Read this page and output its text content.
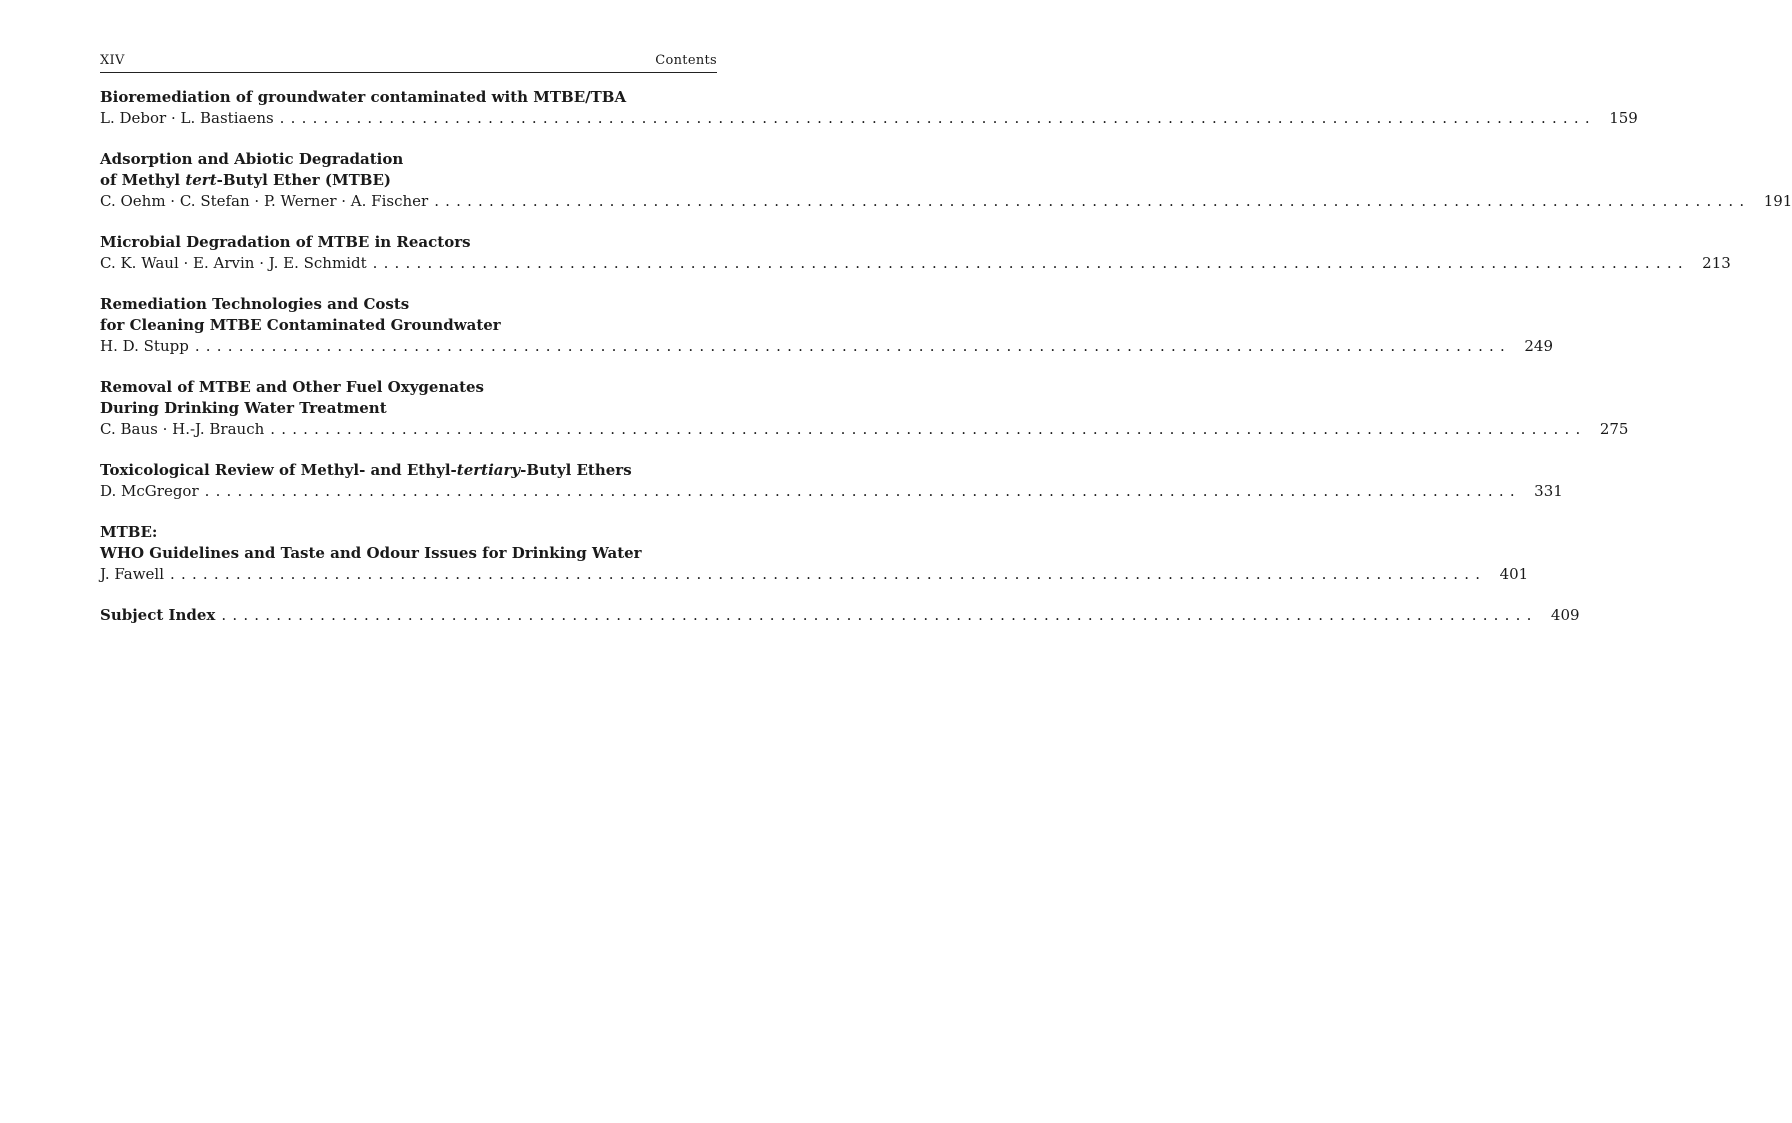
XIV	Contents
Bioremediation of groundwater contaminated with MTBE/TBA
L. Debor · L. Bastiaens ........................................................................................................................ 159
Adsorption and Abiotic Degradation
of Methyl tert-Butyl Ether (MTBE)
C. Oehm · C. Stefan · P. Werner · A. Fischer ........................................................................................................................ 191
Microbial Degradation of MTBE in Reactors
C. K. Waul · E. Arvin · J. E. Schmidt ........................................................................................................................ 213
Remediation Technologies and Costs
for Cleaning MTBE Contaminated Groundwater
H. D. Stupp ........................................................................................................................ 249
Removal of MTBE and Other Fuel Oxygenates
During Drinking Water Treatment
C. Baus · H.-J. Brauch ........................................................................................................................ 275
Toxicological Review of Methyl- and Ethyl-tertiary-Butyl Ethers
D. McGregor ........................................................................................................................ 331
MTBE:
WHO Guidelines and Taste and Odour Issues for Drinking Water
J. Fawell ........................................................................................................................ 401
Subject Index ........................................................................................................................ 409
